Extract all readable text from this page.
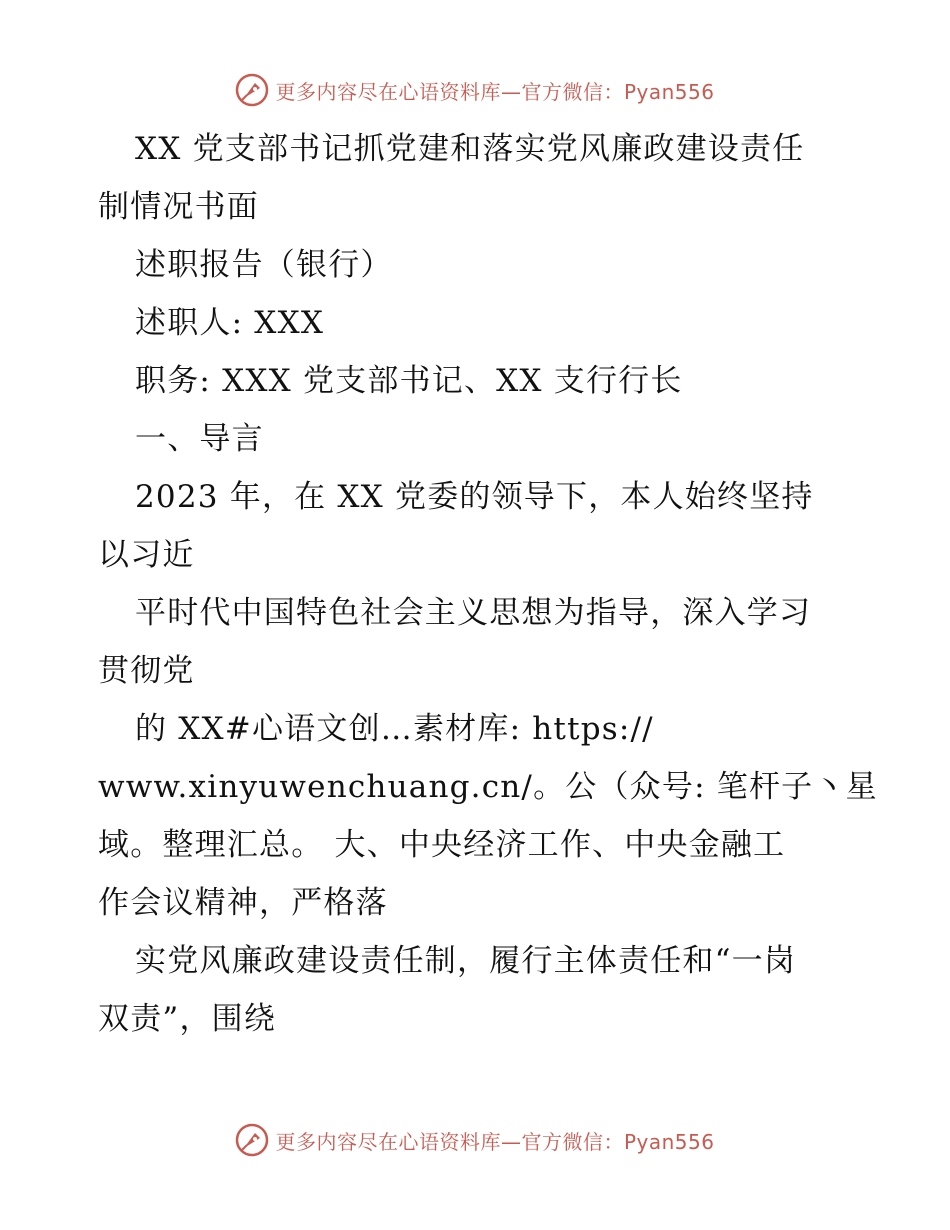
更多内容尽在心语资料库—官方微信：Pyan556
XX 党支部书记抓党建和落实党风廉政建设责任
制情况书面
述职报告（银行）
述职人: XXX
职务: XXX 党支部书记、XX 支行行长
一、导言
2023 年，在 XX 党委的领导下，本人始终坚持
以习近
平时代中国特色社会主义思想为指导，深入学习
贯彻党
的 XX#心语文创…素材库: https://
www.xinyuwenchuang.cn/。公（众号: 笔杆子丶星
域。整理汇总。 大、中央经济工作、中央金融工
作会议精神，严格落
实党风廉政建设责任制，履行主体责任和“一岗
双责”，围绕
更多内容尽在心语资料库—官方微信：Pyan556
